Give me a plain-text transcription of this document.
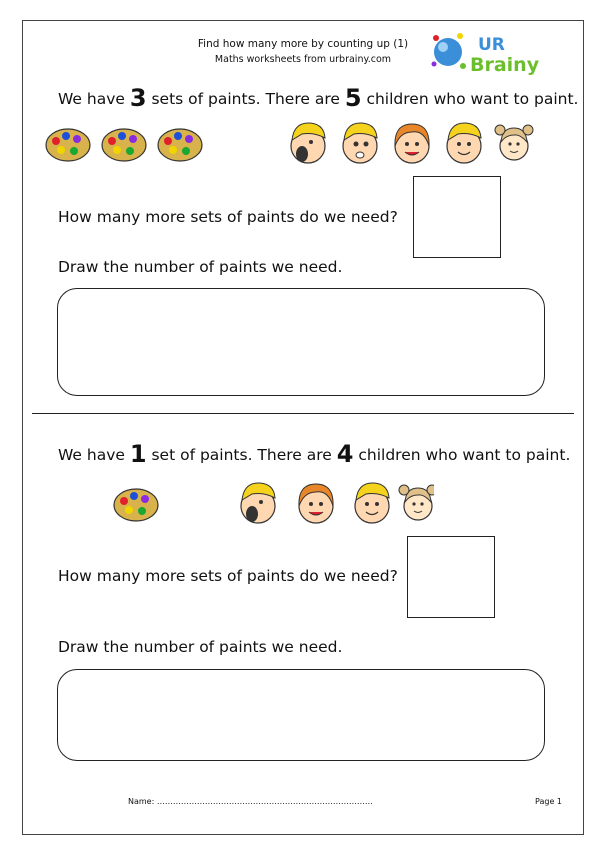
Find how many more by counting up (1)
Maths worksheets from urbrainy.com
UR
Brainy
We have 3 sets of paints. There are 5 children who want to paint.
How many more sets of paints do we need?
Draw the number of paints we need.
We have 1 set of paints. There are 4 children who want to paint.
How many more sets of paints do we need?
Draw the number of paints we need.
Name: ………………………………………………………………………	Page 1
